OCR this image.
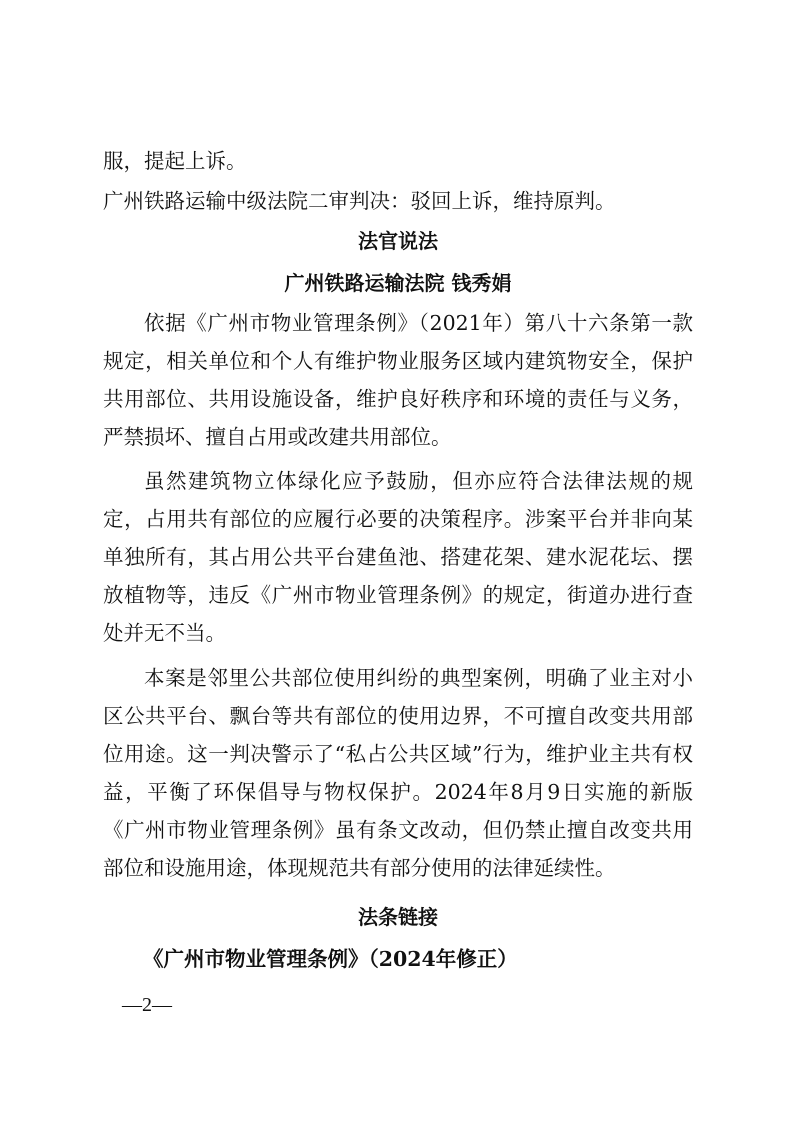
服，提起上诉。
广州铁路运输中级法院二审判决：驳回上诉，维持原判。
法官说法
广州铁路运输法院 钱秀娟

依据《广州市物业管理条例》（2021年）第八十六条第一款规定，相关单位和个人有维护物业服务区域内建筑物安全，保护共用部位、共用设施设备，维护良好秩序和环境的责任与义务，严禁损坏、擅自占用或改建共用部位。

虽然建筑物立体绿化应予鼓励，但亦应符合法律法规的规定，占用共有部位的应履行必要的决策程序。涉案平台并非向某单独所有，其占用公共平台建鱼池、搭建花架、建水泥花坛、摆放植物等，违反《广州市物业管理条例》的规定，街道办进行查处并无不当。

本案是邻里公共部位使用纠纷的典型案例，明确了业主对小区公共平台、飘台等共有部位的使用边界，不可擅自改变共用部位用途。这一判决警示了“私占公共区域”行为，维护业主共有权益，平衡了环保倡导与物权保护。2024年8月9日实施的新版《广州市物业管理条例》虽有条文改动，但仍禁止擅自改变共用部位和设施用途，体现规范共有部分使用的法律延续性。

法条链接
《广州市物业管理条例》（2024年修正）
—2—
